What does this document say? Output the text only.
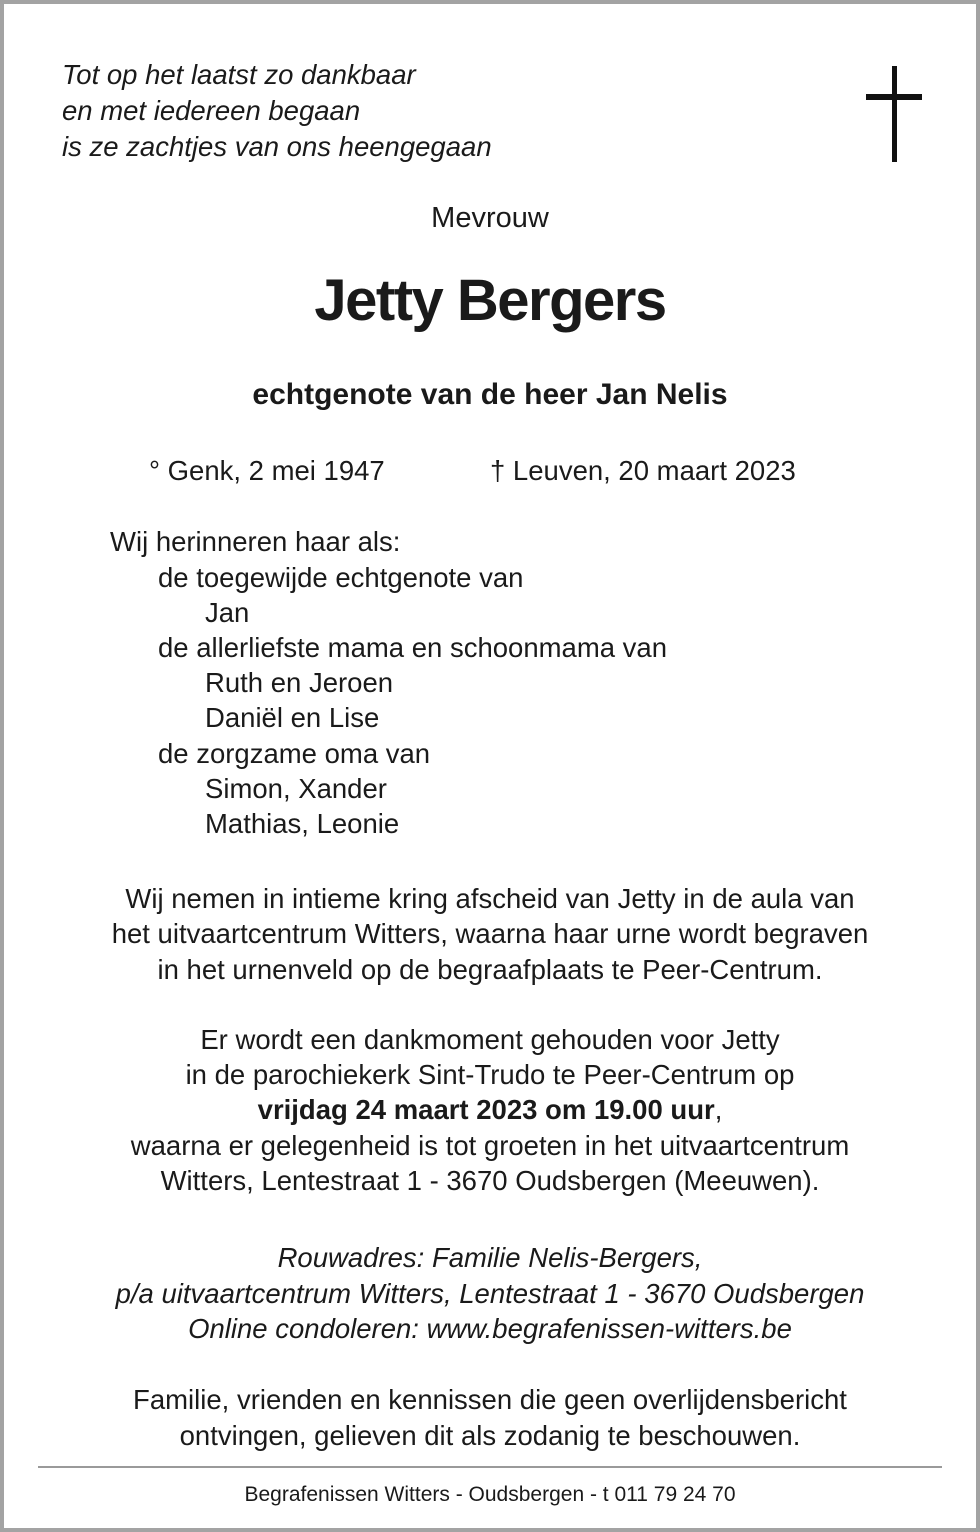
Tot op het laatst zo dankbaar
en met iedereen begaan
is ze zachtjes van ons heengegaan
Mevrouw
Jetty Bergers
echtgenote van de heer Jan Nelis
° Genk, 2 mei 1947	† Leuven, 20 maart 2023
Wij herinneren haar als:
de toegewijde echtgenote van
Jan
de allerliefste mama en schoonmama van
Ruth en Jeroen
Daniël en Lise
de zorgzame oma van
Simon, Xander
Mathias, Leonie
Wij nemen in intieme kring afscheid van Jetty in de aula van
het uitvaartcentrum Witters, waarna haar urne wordt begraven
in het urnenveld op de begraafplaats te Peer-Centrum.
Er wordt een dankmoment gehouden voor Jetty
in de parochiekerk Sint-Trudo te Peer-Centrum op
vrijdag 24 maart 2023 om 19.00 uur,
waarna er gelegenheid is tot groeten in het uitvaartcentrum
Witters, Lentestraat 1 - 3670 Oudsbergen (Meeuwen).
Rouwadres: Familie Nelis-Bergers,
p/a uitvaartcentrum Witters, Lentestraat 1 - 3670 Oudsbergen
Online condoleren: www.begrafenissen-witters.be
Familie, vrienden en kennissen die geen overlijdensbericht
ontvingen, gelieven dit als zodanig te beschouwen.
Begrafenissen Witters - Oudsbergen - t 011 79 24 70
